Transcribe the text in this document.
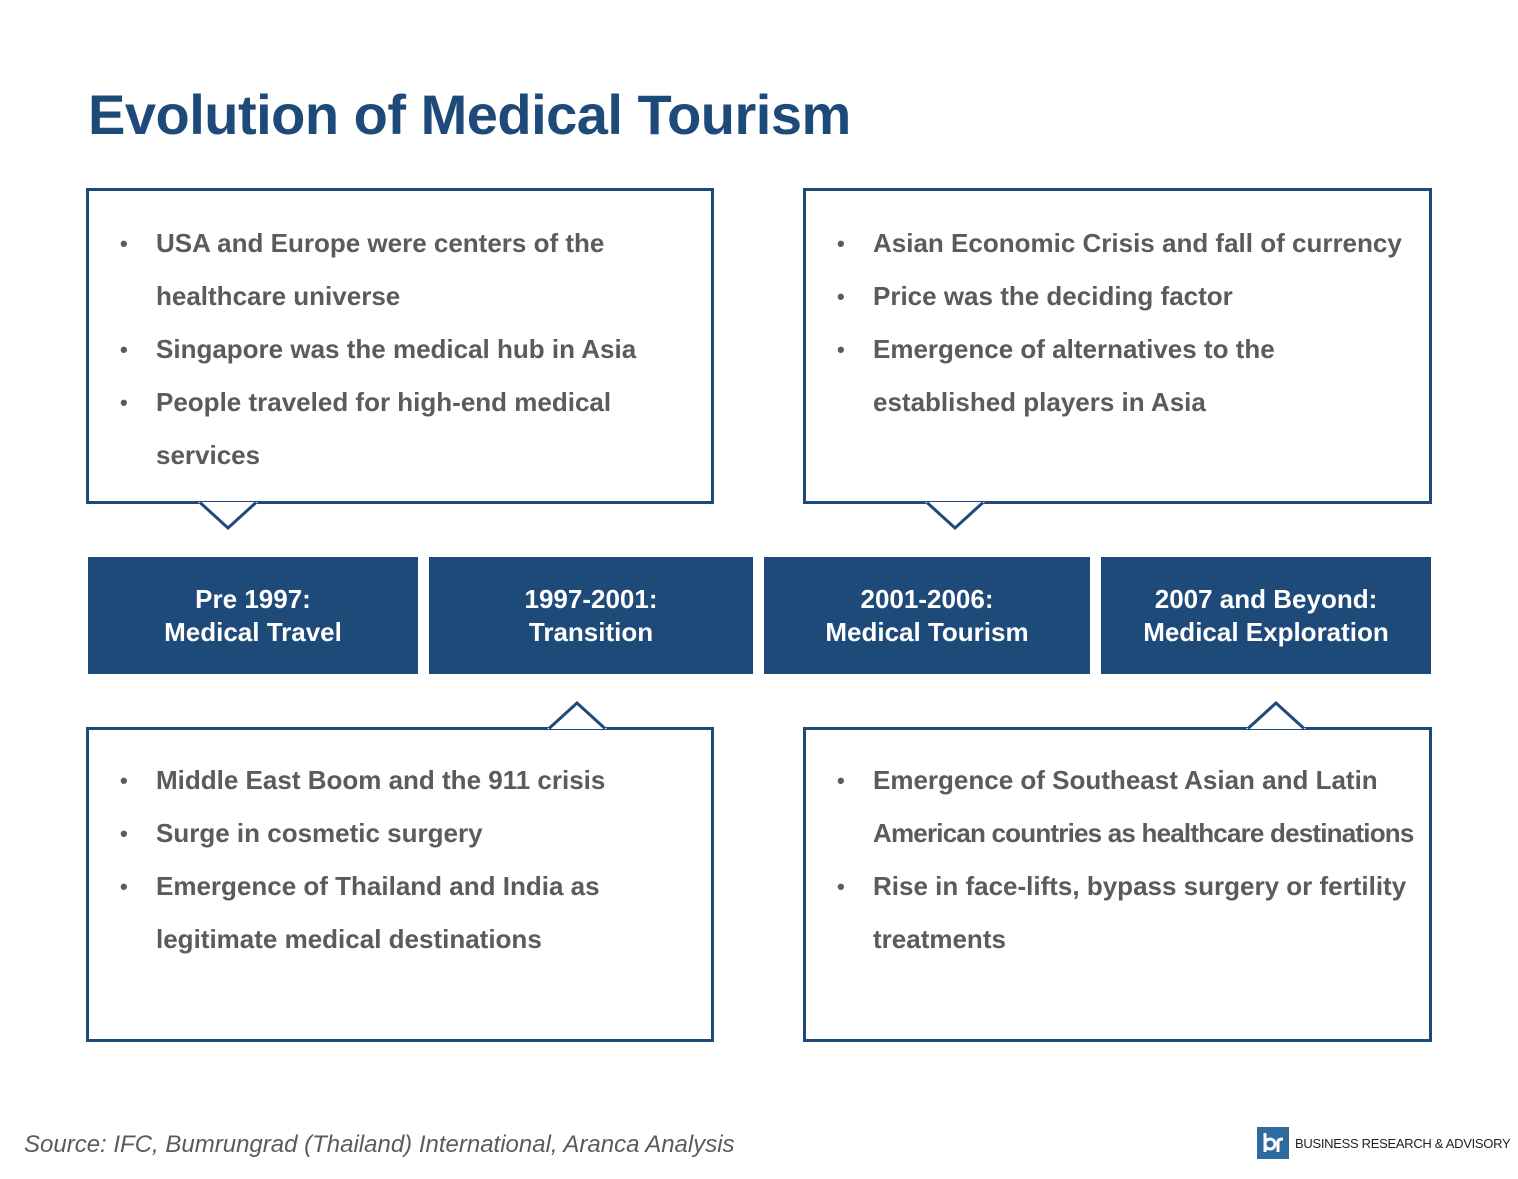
Evolution of Medical Tourism
• USA and Europe were centers of the
healthcare universe
• Singapore was the medical hub in Asia
• People traveled for high-end medical
services
• Asian Economic Crisis and fall of currency
• Price was the deciding factor
• Emergence of alternatives to the
established players in Asia
• Middle East Boom and the 911 crisis
• Surge in cosmetic surgery
• Emergence of Thailand and India as
legitimate medical destinations
• Emergence of Southeast Asian and Latin
American countries as healthcare destinations
• Rise in face-lifts, bypass surgery or fertility
treatments
Pre 1997:
Medical Travel
1997-2001:
Transition
2001-2006:
Medical Tourism
2007 and Beyond:
Medical Exploration
Source: IFC, Bumrungrad (Thailand) International, Aranca Analysis	BUSINESS RESEARCH & ADVISORY
